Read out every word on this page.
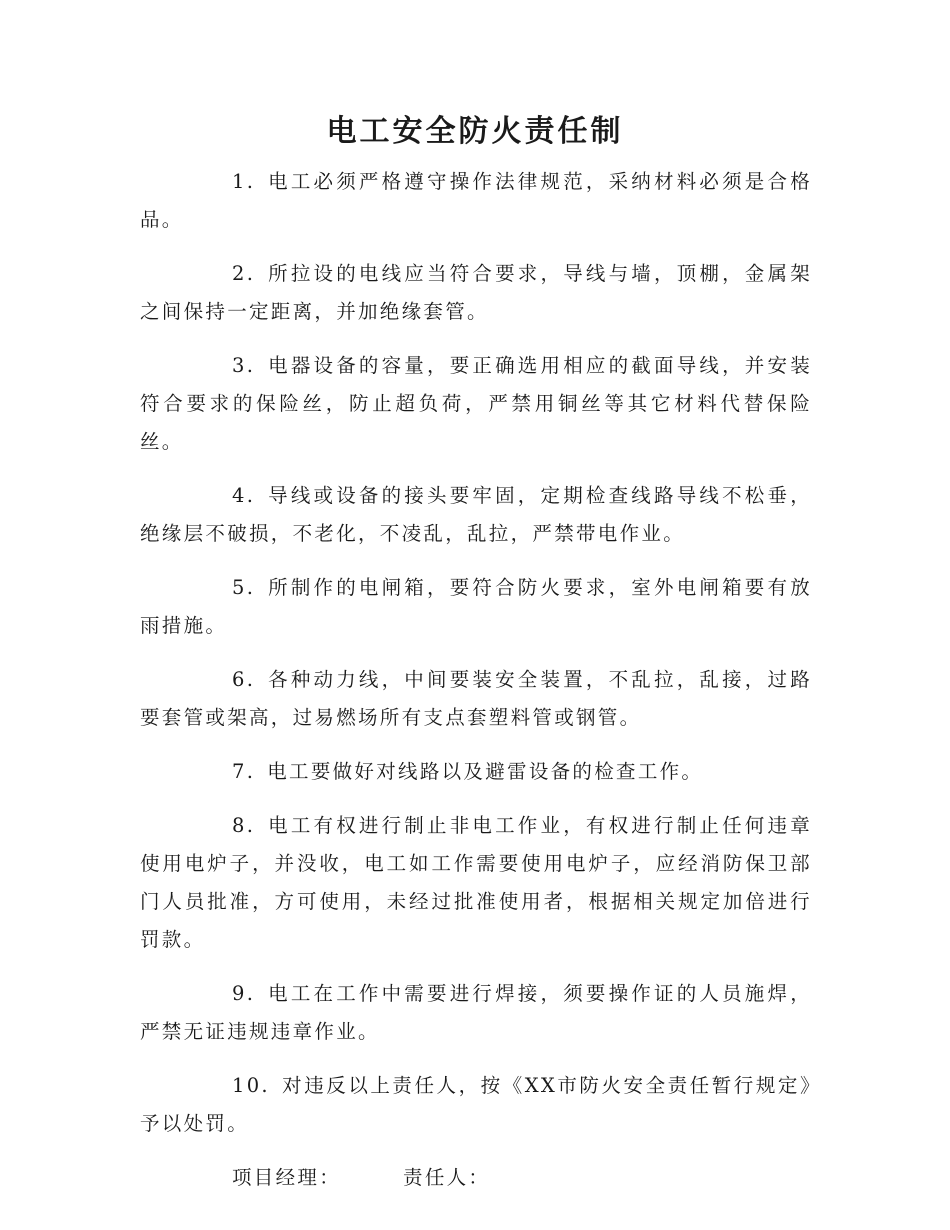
电工安全防火责任制

1. 电工必须严格遵守操作法律规范，采纳材料必须是合格品。

2. 所拉设的电线应当符合要求，导线与墙，顶棚，金属架之间保持一定距离，并加绝缘套管。

3. 电器设备的容量，要正确选用相应的截面导线，并安装符合要求的保险丝，防止超负荷，严禁用铜丝等其它材料代替保险丝。

4. 导线或设备的接头要牢固，定期检查线路导线不松垂，绝缘层不破损，不老化，不凌乱，乱拉，严禁带电作业。

5. 所制作的电闸箱，要符合防火要求，室外电闸箱要有放雨措施。

6. 各种动力线，中间要装安全装置，不乱拉，乱接，过路要套管或架高，过易燃场所有支点套塑料管或钢管。

7. 电工要做好对线路以及避雷设备的检查工作。

8. 电工有权进行制止非电工作业，有权进行制止任何违章使用电炉子，并没收，电工如工作需要使用电炉子，应经消防保卫部门人员批准，方可使用，未经过批准使用者，根据相关规定加倍进行罚款。

9. 电工在工作中需要进行焊接，须要操作证的人员施焊，严禁无证违规违章作业。

10. 对违反以上责任人，按《XX市防火安全责任暂行规定》予以处罚。

项目经理：	责任人：
